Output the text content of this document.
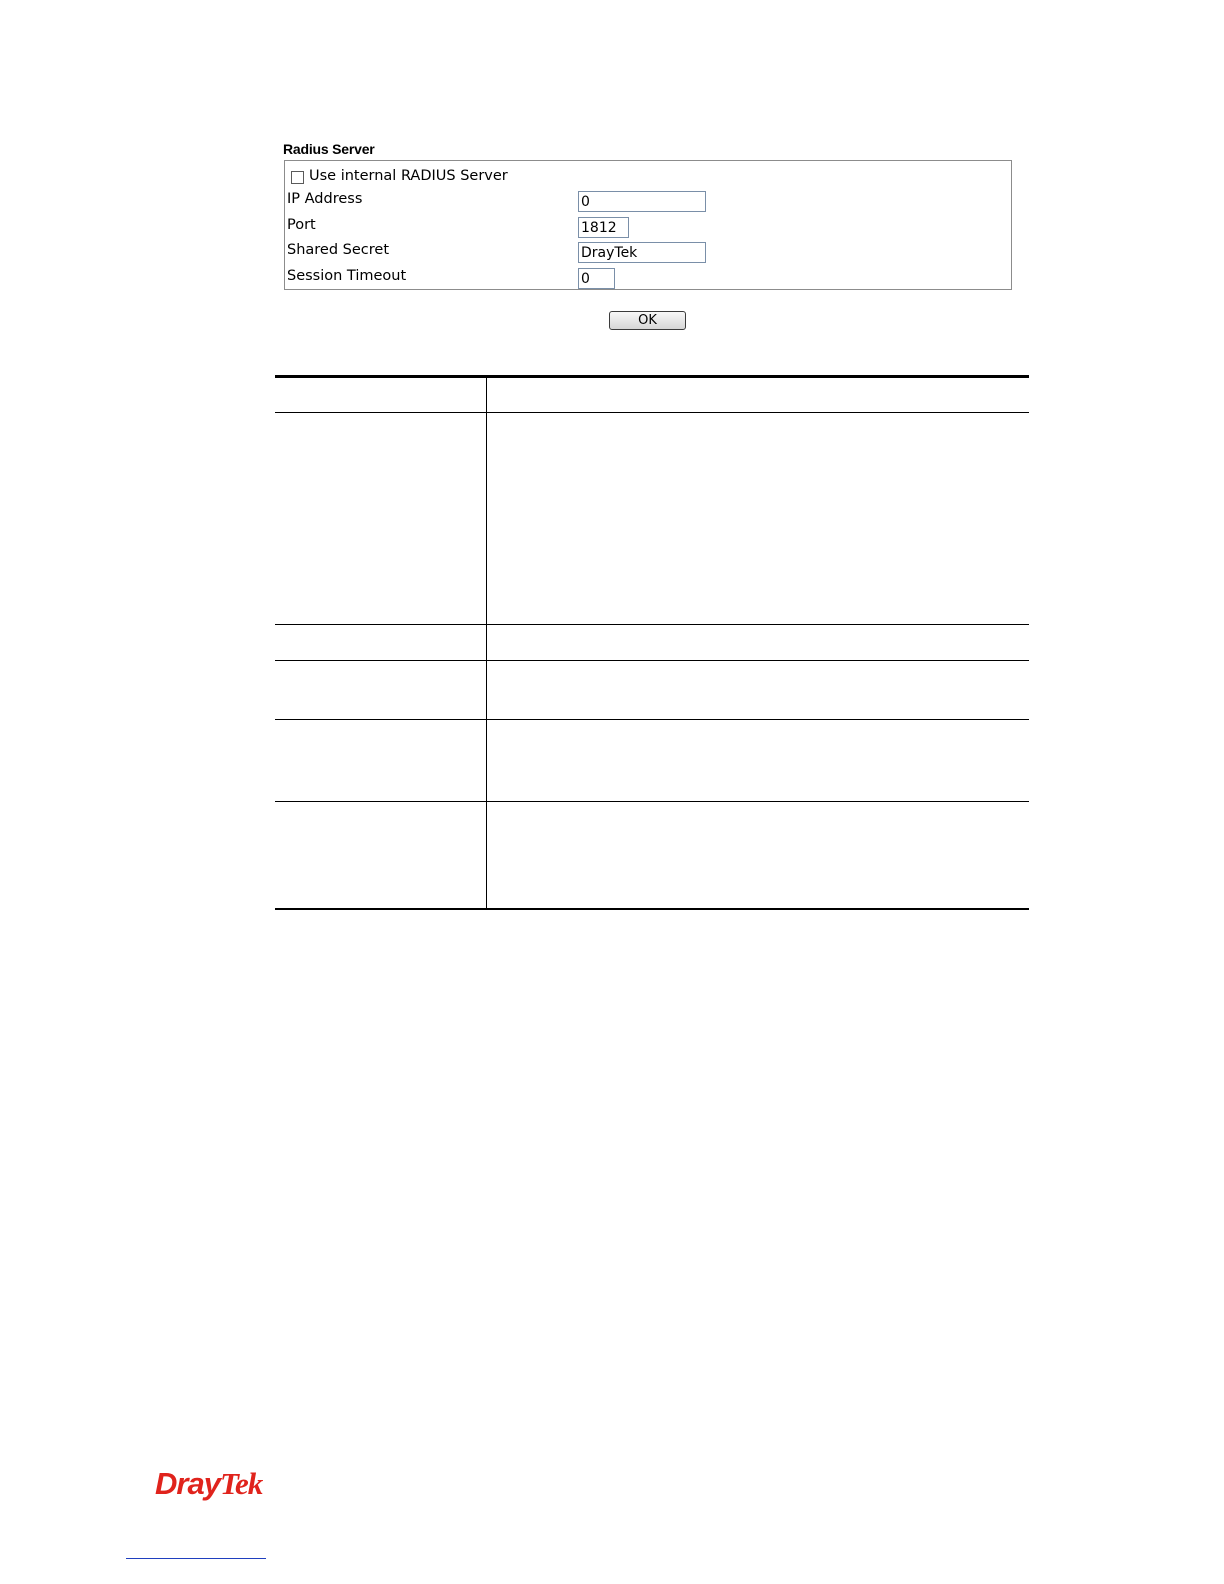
Radius Server
Use internal RADIUS Server
IP Address	0
Port	1812
Shared Secret	DrayTek
Session Timeout	0
OK
DrayTek
